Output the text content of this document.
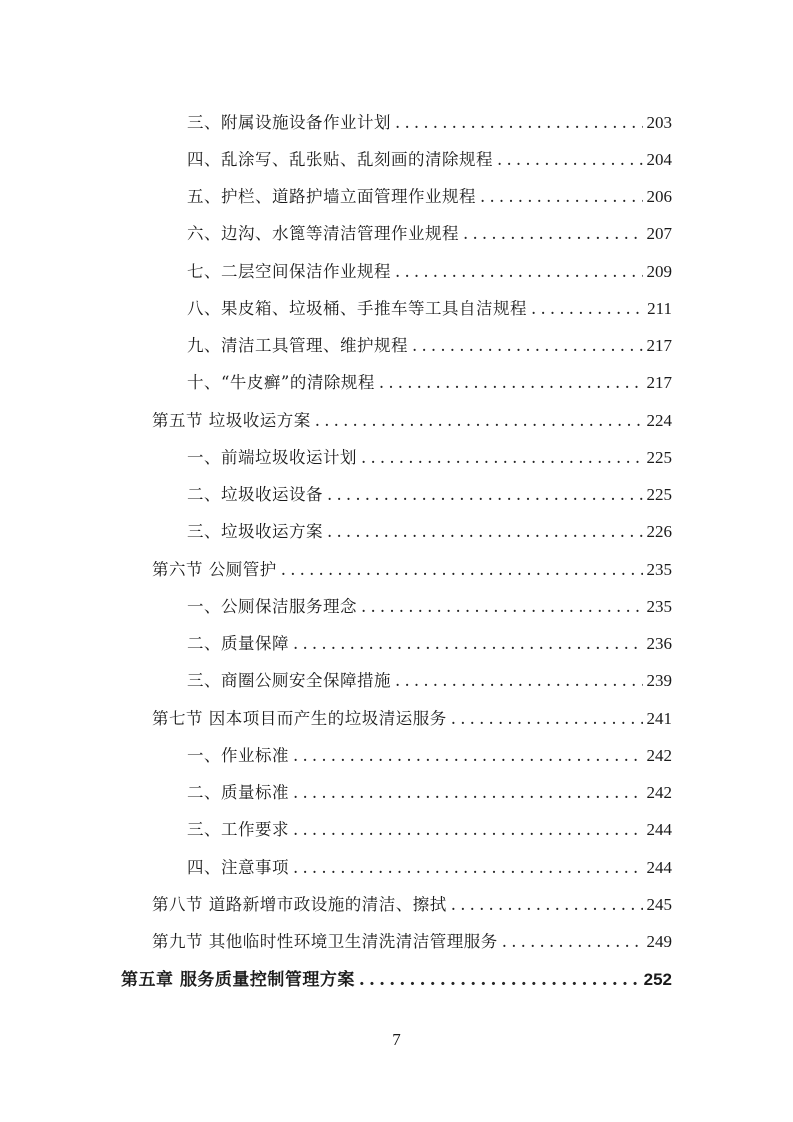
三、附属设施设备作业计划 .....	203
四、乱涂写、乱张贴、乱刻画的清除规程 .....	204
五、护栏、道路护墙立面管理作业规程 .....	206
六、边沟、水篦等清洁管理作业规程 .....	207
七、二层空间保洁作业规程 .....	209
八、果皮箱、垃圾桶、手推车等工具自洁规程 .....	211
九、清洁工具管理、维护规程 .....	217
十、“牛皮癣”的清除规程 .....	217
第五节 垃圾收运方案 .....	224
一、前端垃圾收运计划 .....	225
二、垃圾收运设备 .....	225
三、垃圾收运方案 .....	226
第六节 公厕管护 .....	235
一、公厕保洁服务理念 .....	235
二、质量保障 .....	236
三、商圈公厕安全保障措施 .....	239
第七节 因本项目而产生的垃圾清运服务 .....	241
一、作业标准 .....	242
二、质量标准 .....	242
三、工作要求 .....	244
四、注意事项 .....	244
第八节 道路新增市政设施的清洁、擦拭 .....	245
第九节 其他临时性环境卫生清洗清洁管理服务 .....	249
第五章 服务质量控制管理方案 .....	252
7
